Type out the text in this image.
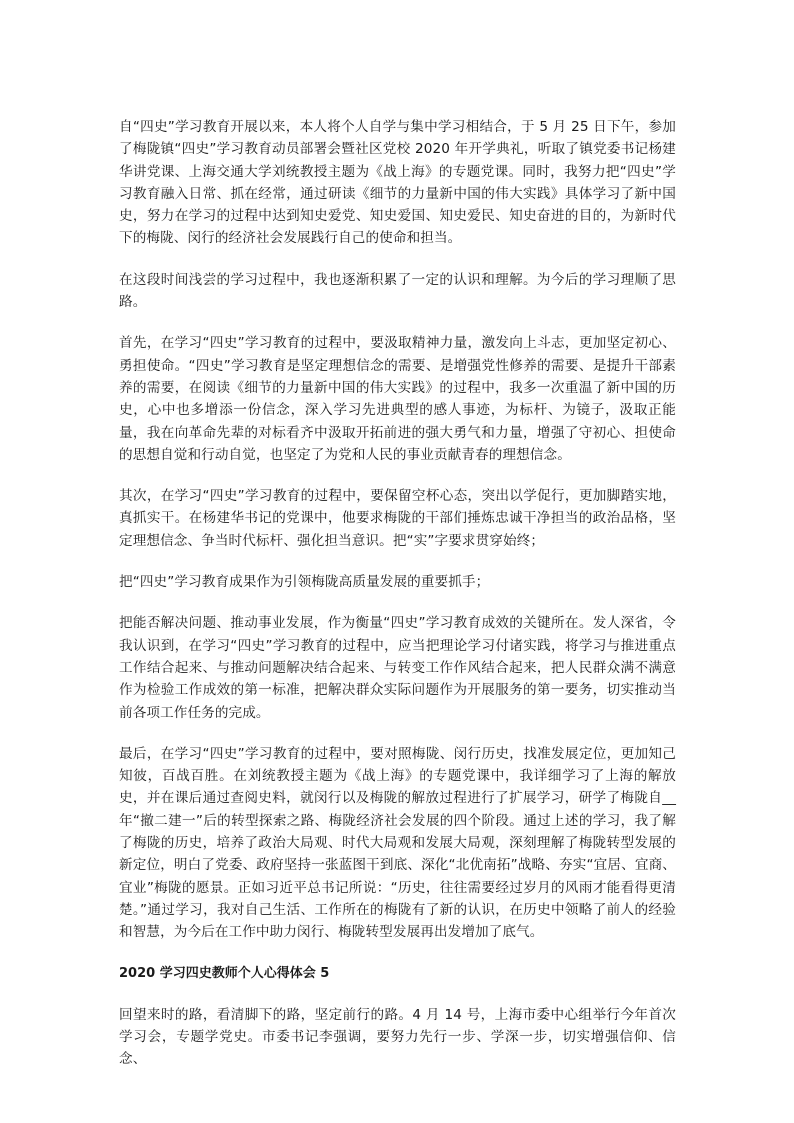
自“四史”学习教育开展以来，本人将个人自学与集中学习相结合，于 5 月 25 日下午，参加了梅陇镇“四史”学习教育动员部署会暨社区党校 2020 年开学典礼，听取了镇党委书记杨建华讲党课、上海交通大学刘统教授主题为《战上海》的专题党课。同时，我努力把“四史”学习教育融入日常、抓在经常，通过研读《细节的力量新中国的伟大实践》具体学习了新中国史，努力在学习的过程中达到知史爱党、知史爱国、知史爱民、知史奋进的目的，为新时代下的梅陇、闵行的经济社会发展践行自己的使命和担当。

在这段时间浅尝的学习过程中，我也逐渐积累了一定的认识和理解。为今后的学习理顺了思路。

首先，在学习“四史”学习教育的过程中，要汲取精神力量，激发向上斗志，更加坚定初心、勇担使命。“四史”学习教育是坚定理想信念的需要、是增强党性修养的需要、是提升干部素养的需要，在阅读《细节的力量新中国的伟大实践》的过程中，我多一次重温了新中国的历史，心中也多增添一份信念，深入学习先进典型的感人事迹，为标杆、为镜子，汲取正能量，我在向革命先辈的对标看齐中汲取开拓前进的强大勇气和力量，增强了守初心、担使命的思想自觉和行动自觉，也坚定了为党和人民的事业贡献青春的理想信念。

其次，在学习“四史”学习教育的过程中，要保留空杯心态，突出以学促行，更加脚踏实地，真抓实干。在杨建华书记的党课中，他要求梅陇的干部们捶炼忠诚干净担当的政治品格，坚定理想信念、争当时代标杆、强化担当意识。把“实”字要求贯穿始终；

把“四史”学习教育成果作为引领梅陇高质量发展的重要抓手；

把能否解决问题、推动事业发展，作为衡量“四史”学习教育成效的关键所在。发人深省，令我认识到，在学习“四史”学习教育的过程中，应当把理论学习付诸实践，将学习与推进重点工作结合起来、与推动问题解决结合起来、与转变工作作风结合起来，把人民群众满不满意作为检验工作成效的第一标准，把解决群众实际问题作为开展服务的第一要务，切实推动当前各项工作任务的完成。

最后，在学习“四史”学习教育的过程中，要对照梅陇、闵行历史，找准发展定位，更加知己知彼，百战百胜。在刘统教授主题为《战上海》的专题党课中，我详细学习了上海的解放史，并在课后通过查阅史料，就闵行以及梅陇的解放过程进行了扩展学习，研学了梅陇自__年“撤二建一”后的转型探索之路、梅陇经济社会发展的四个阶段。通过上述的学习，我了解了梅陇的历史，培养了政治大局观、时代大局观和发展大局观，深刻理解了梅陇转型发展的新定位，明白了党委、政府坚持一张蓝图干到底、深化“北优南拓”战略、夯实“宜居、宜商、宜业”梅陇的愿景。正如习近平总书记所说：“历史，往往需要经过岁月的风雨才能看得更清楚。”通过学习，我对自己生活、工作所在的梅陇有了新的认识，在历史中领略了前人的经验和智慧，为今后在工作中助力闵行、梅陇转型发展再出发增加了底气。

2020 学习四史教师个人心得体会 5

回望来时的路，看清脚下的路，坚定前行的路。4 月 14 号，上海市委中心组举行今年首次学习会，专题学党史。市委书记李强调，要努力先行一步、学深一步，切实增强信仰、信念、
